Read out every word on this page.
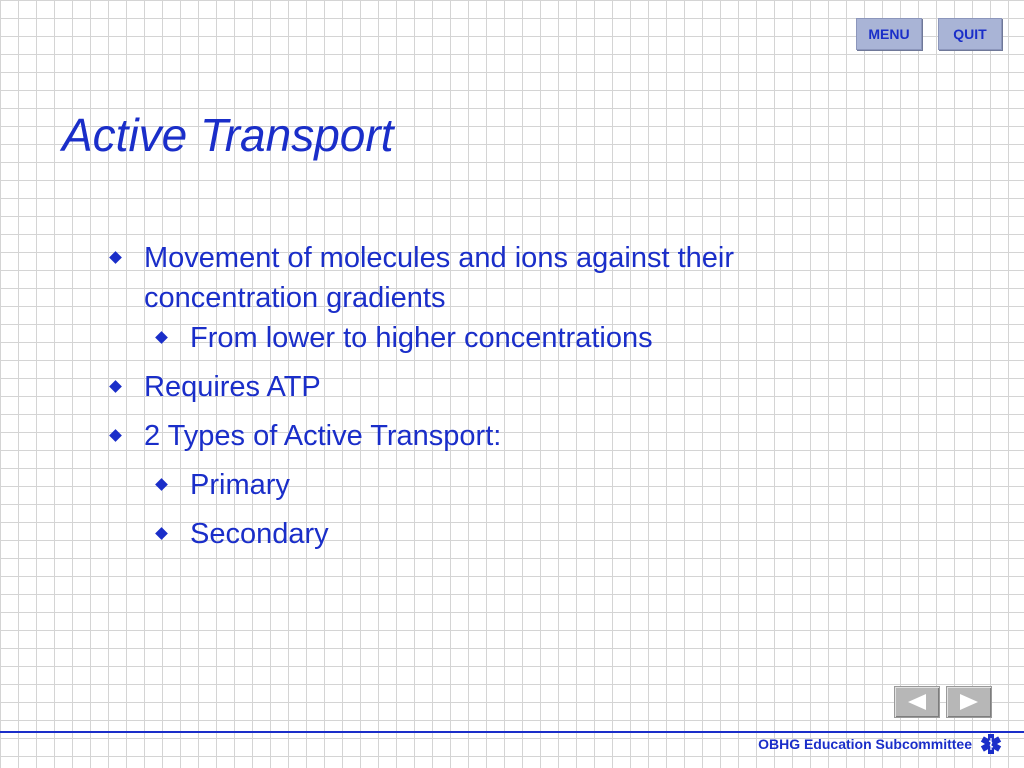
MENU	QUIT
Active Transport
Movement of molecules and ions against their concentration gradients
From lower to higher concentrations
Requires ATP
2 Types of Active Transport:
Primary
Secondary
OBHG Education Subcommittee
